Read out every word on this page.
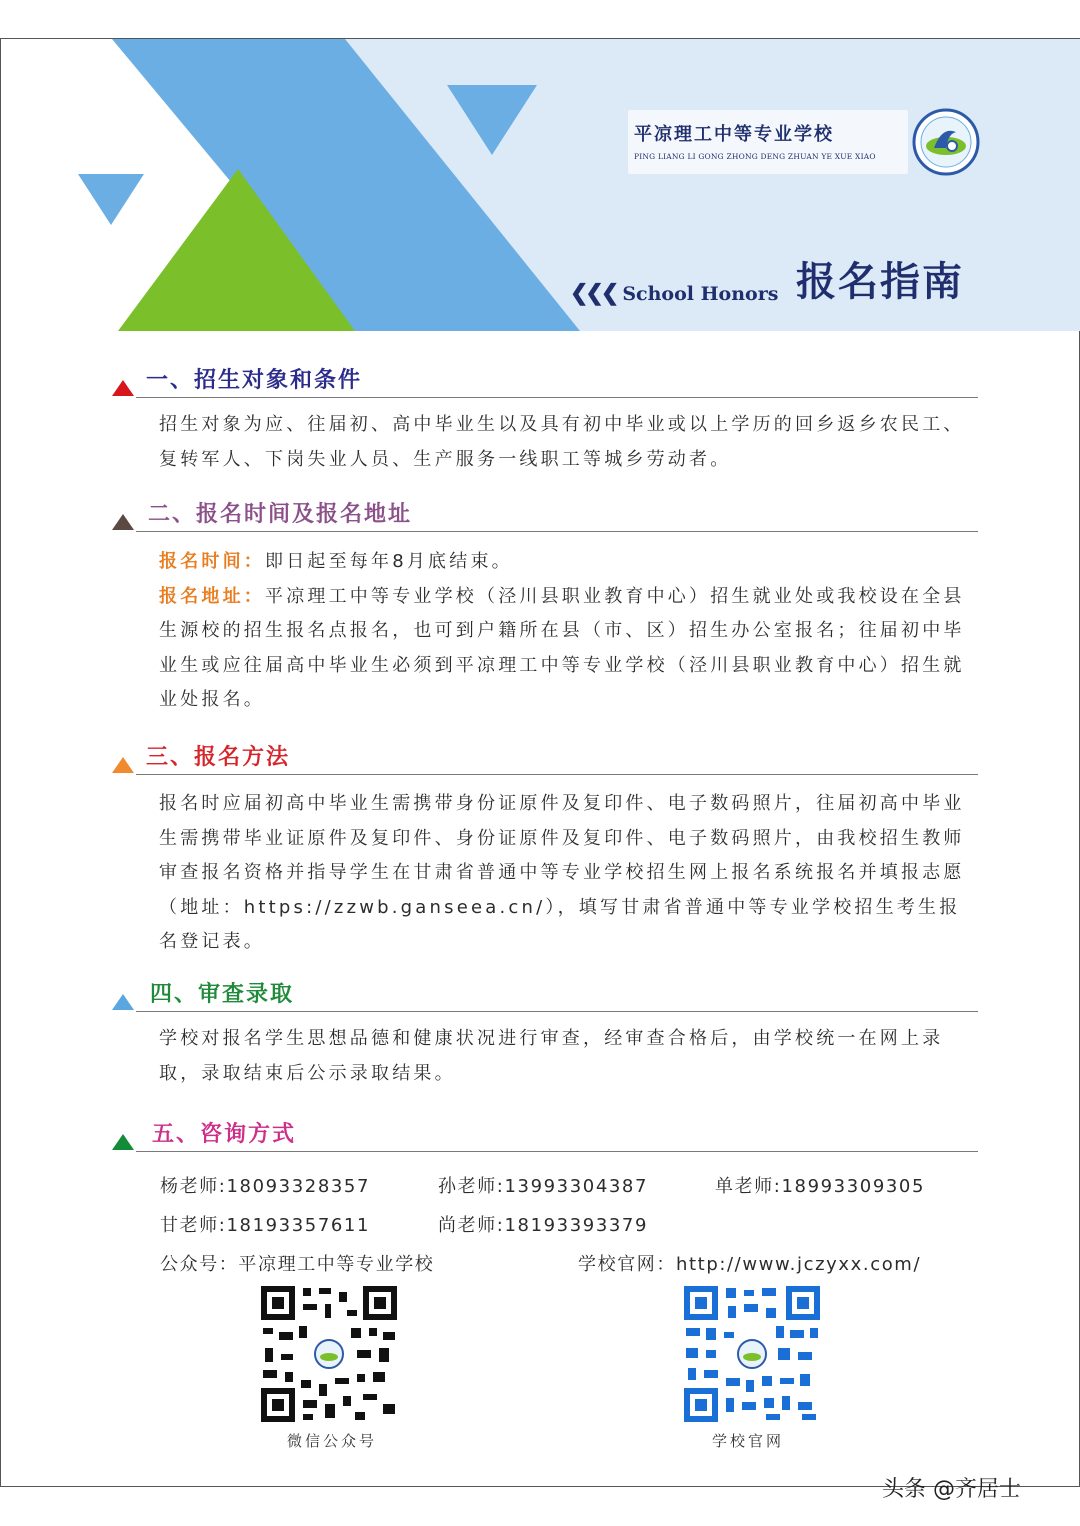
平凉理工中等专业学校
PING LIANG LI GONG ZHONG DENG ZHUAN YE XUE XIAO
❮❮❮ School Honors 报名指南
一、招生对象和条件
招生对象为应、往届初、高中毕业生以及具有初中毕业或以上学历的回乡返乡农民工、复转军人、下岗失业人员、生产服务一线职工等城乡劳动者。
二、报名时间及报名地址
报名时间：即日起至每年8月底结束。
报名地址：平凉理工中等专业学校（泾川县职业教育中心）招生就业处或我校设在全县生源校的招生报名点报名，也可到户籍所在县（市、区）招生办公室报名；往届初中毕业生或应往届高中毕业生必须到平凉理工中等专业学校（泾川县职业教育中心）招生就业处报名。
三、报名方法
报名时应届初高中毕业生需携带身份证原件及复印件、电子数码照片，往届初高中毕业生需携带毕业证原件及复印件、身份证原件及复印件、电子数码照片，由我校招生教师审查报名资格并指导学生在甘肃省普通中等专业学校招生网上报名系统报名并填报志愿（地址：https://zzwb.ganseea.cn/），填写甘肃省普通中等专业学校招生考生报名登记表。
四、审查录取
学校对报名学生思想品德和健康状况进行审查，经审查合格后，由学校统一在网上录取，录取结束后公示录取结果。
五、咨询方式
杨老师:18093328357	孙老师:13993304387	单老师:18993309305
甘老师:18193357611	尚老师:18193393379
公众号：平凉理工中等专业学校	学校官网：http://www.jczyxx.com/
微信公众号	学校官网
头条 @齐居士
